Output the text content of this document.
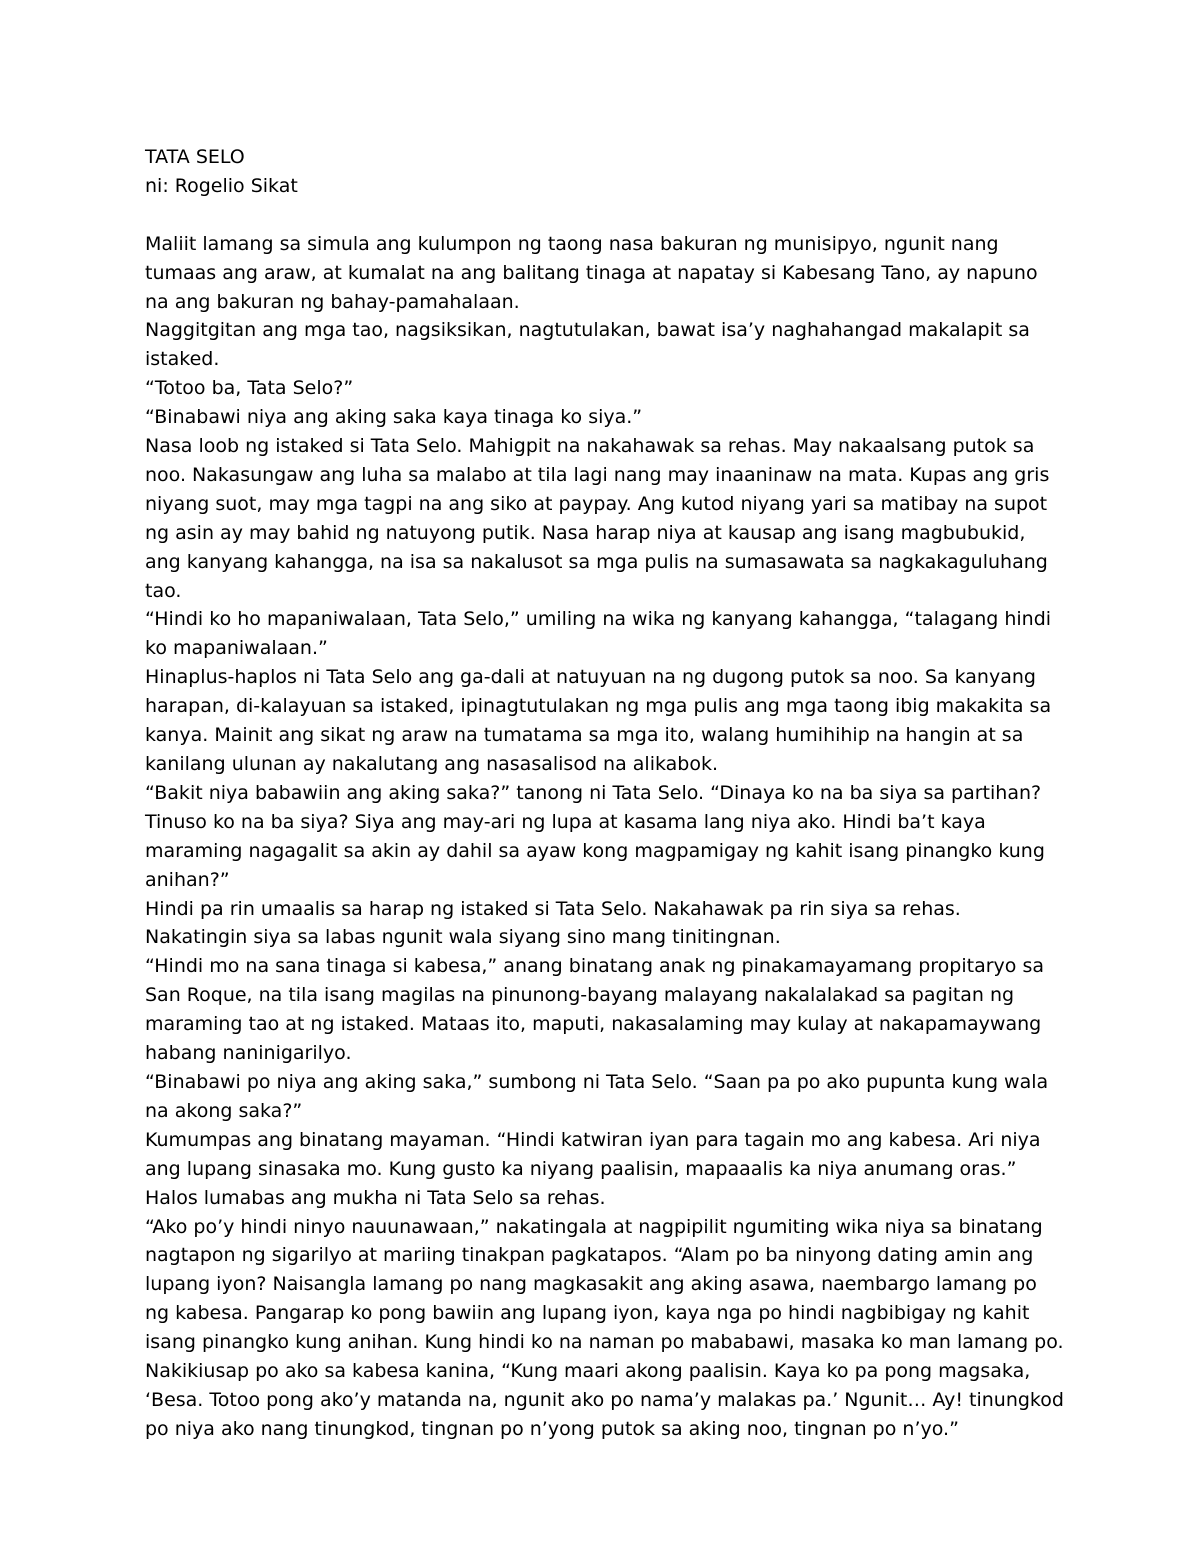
TATA SELO

ni: Rogelio Sikat

Maliit lamang sa simula ang kulumpon ng taong nasa bakuran ng munisipyo, ngunit nang tumaas ang araw, at kumalat na ang balitang tinaga at napatay si Kabesang Tano, ay napuno na ang bakuran ng bahay-pamahalaan.

Naggitgitan ang mga tao, nagsiksikan, nagtutulakan, bawat isa’y naghahangad makalapit sa istaked.

“Totoo ba, Tata Selo?”

“Binabawi niya ang aking saka kaya tinaga ko siya.”

Nasa loob ng istaked si Tata Selo. Mahigpit na nakahawak sa rehas. May nakaalsang putok sa noo. Nakasungaw ang luha sa malabo at tila lagi nang may inaaninaw na mata. Kupas ang gris niyang suot, may mga tagpi na ang siko at paypay. Ang kutod niyang yari sa matibay na supot ng asin ay may bahid ng natuyong putik. Nasa harap niya at kausap ang isang magbubukid, ang kanyang kahangga, na isa sa nakalusot sa mga pulis na sumasawata sa nagkakaguluhang tao.

“Hindi ko ho mapaniwalaan, Tata Selo,” umiling na wika ng kanyang kahangga, “talagang hindi ko mapaniwalaan.”

Hinaplus-haplos ni Tata Selo ang ga-dali at natuyuan na ng dugong putok sa noo. Sa kanyang harapan, di-kalayuan sa istaked, ipinagtutulakan ng mga pulis ang mga taong ibig makakita sa kanya. Mainit ang sikat ng araw na tumatama sa mga ito, walang humihihip na hangin at sa kanilang ulunan ay nakalutang ang nasasalisod na alikabok.

“Bakit niya babawiin ang aking saka?” tanong ni Tata Selo. “Dinaya ko na ba siya sa partihan? Tinuso ko na ba siya? Siya ang may-ari ng lupa at kasama lang niya ako. Hindi ba’t kaya maraming nagagalit sa akin ay dahil sa ayaw kong magpamigay ng kahit isang pinangko kung anihan?”

Hindi pa rin umaalis sa harap ng istaked si Tata Selo. Nakahawak pa rin siya sa rehas. Nakatingin siya sa labas ngunit wala siyang sino mang tinitingnan.

“Hindi mo na sana tinaga si kabesa,” anang binatang anak ng pinakamayamang propitaryo sa San Roque, na tila isang magilas na pinunong-bayang malayang nakalalakad sa pagitan ng maraming tao at ng istaked. Mataas ito, maputi, nakasalaming may kulay at nakapamaywang habang naninigarilyo.

“Binabawi po niya ang aking saka,” sumbong ni Tata Selo. “Saan pa po ako pupunta kung wala na akong saka?”

Kumumpas ang binatang mayaman. “Hindi katwiran iyan para tagain mo ang kabesa. Ari niya ang lupang sinasaka mo. Kung gusto ka niyang paalisin, mapaaalis ka niya anumang oras.”

Halos lumabas ang mukha ni Tata Selo sa rehas.

“Ako po’y hindi ninyo nauunawaan,” nakatingala at nagpipilit ngumiting wika niya sa binatang nagtapon ng sigarilyo at mariing tinakpan pagkatapos. “Alam po ba ninyong dating amin ang lupang iyon? Naisangla lamang po nang magkasakit ang aking asawa, naembargo lamang po ng kabesa. Pangarap ko pong bawiin ang lupang iyon, kaya nga po hindi nagbibigay ng kahit isang pinangko kung anihan. Kung hindi ko na naman po mababawi, masaka ko man lamang po. Nakikiusap po ako sa kabesa kanina, “Kung maari akong paalisin. Kaya ko pa pong magsaka, ‘Besa. Totoo pong ako’y matanda na, ngunit ako po nama’y malakas pa.’ Ngunit… Ay! tinungkod po niya ako nang tinungkod, tingnan po n’yong putok sa aking noo, tingnan po n’yo.”
